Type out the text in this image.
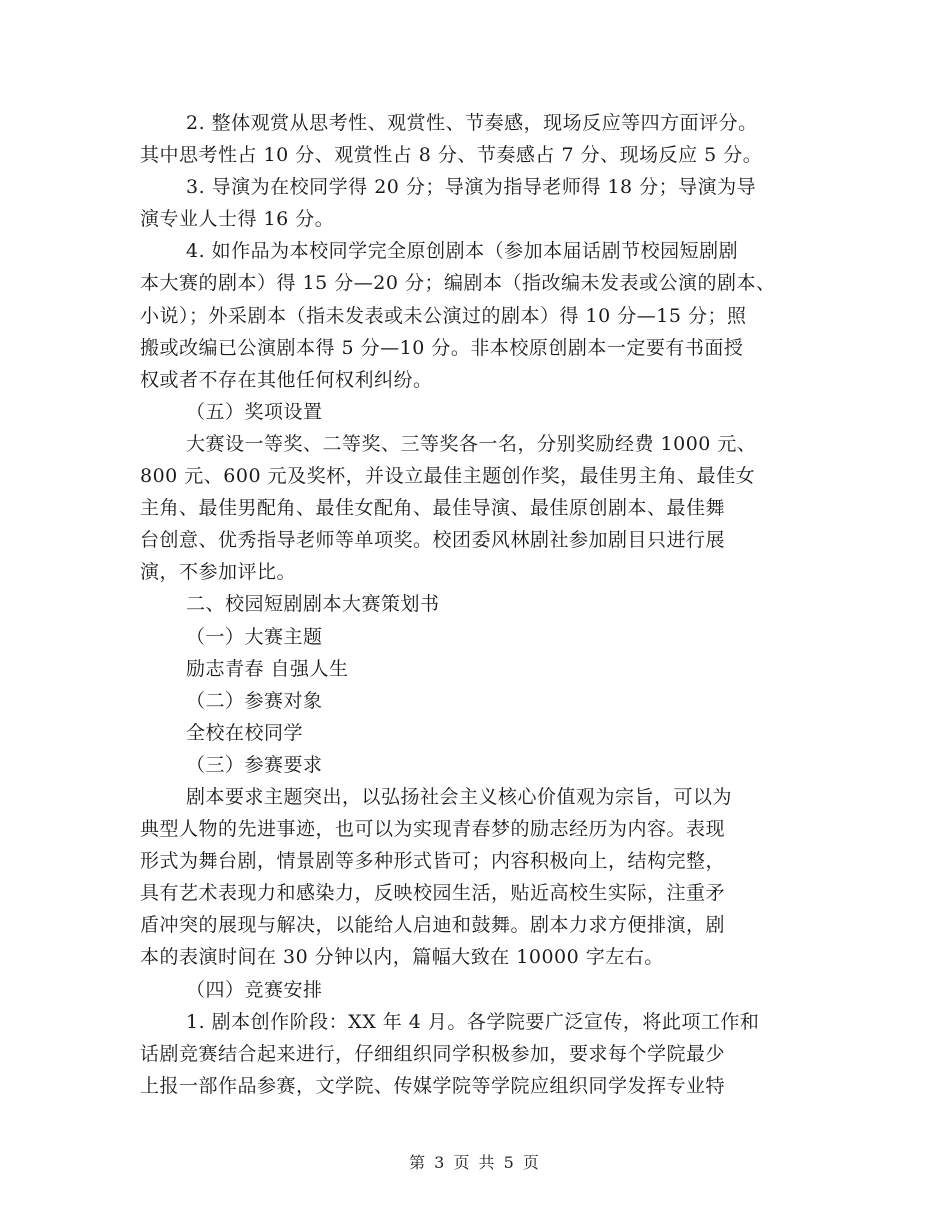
2. 整体观赏从思考性、观赏性、节奏感，现场反应等四方面评分。
其中思考性占 10 分、观赏性占 8 分、节奏感占 7 分、现场反应 5 分。
3. 导演为在校同学得 20 分；导演为指导老师得 18 分；导演为导
演专业人士得 16 分。
4. 如作品为本校同学完全原创剧本（参加本届话剧节校园短剧剧
本大赛的剧本）得 15 分—20 分；编剧本（指改编未发表或公演的剧本、
小说）；外采剧本（指未发表或未公演过的剧本）得 10 分—15 分；照
搬或改编已公演剧本得 5 分—10 分。非本校原创剧本一定要有书面授
权或者不存在其他任何权利纠纷。
（五）奖项设置
大赛设一等奖、二等奖、三等奖各一名，分别奖励经费 1000 元、
800 元、600 元及奖杯，并设立最佳主题创作奖，最佳男主角、最佳女
主角、最佳男配角、最佳女配角、最佳导演、最佳原创剧本、最佳舞
台创意、优秀指导老师等单项奖。校团委风林剧社参加剧目只进行展
演，不参加评比。
二、校园短剧剧本大赛策划书
（一）大赛主题
励志青春 自强人生
（二）参赛对象
全校在校同学
（三）参赛要求
剧本要求主题突出，以弘扬社会主义核心价值观为宗旨，可以为
典型人物的先进事迹，也可以为实现青春梦的励志经历为内容。表现
形式为舞台剧，情景剧等多种形式皆可；内容积极向上，结构完整，
具有艺术表现力和感染力，反映校园生活，贴近高校生实际，注重矛
盾冲突的展现与解决，以能给人启迪和鼓舞。剧本力求方便排演，剧
本的表演时间在 30 分钟以内，篇幅大致在 10000 字左右。
（四）竞赛安排
1. 剧本创作阶段：XX 年 4 月。各学院要广泛宣传，将此项工作和
话剧竞赛结合起来进行，仔细组织同学积极参加，要求每个学院最少
上报一部作品参赛，文学院、传媒学院等学院应组织同学发挥专业特
第 3 页 共 5 页
